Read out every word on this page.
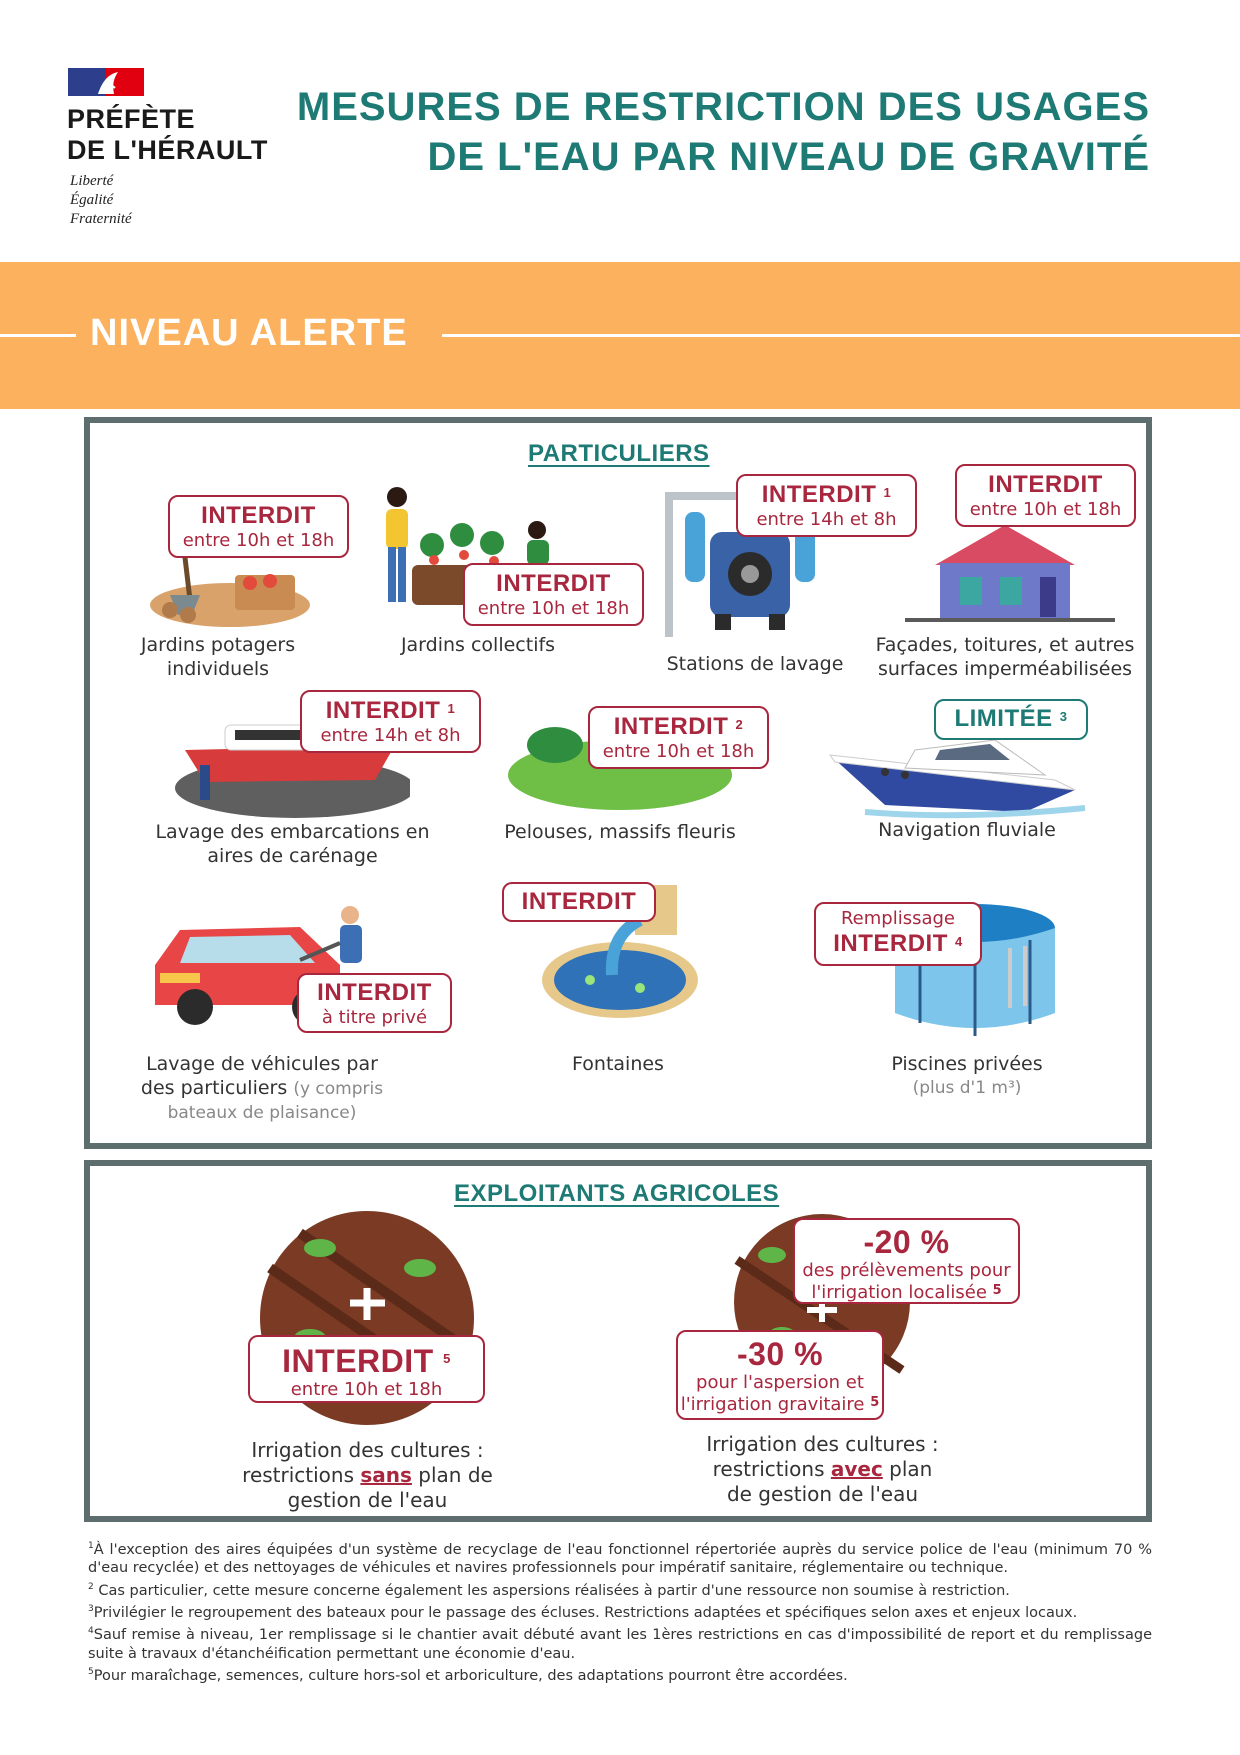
PRÉFÈTE
DE L'HÉRAULT
Liberté
Égalité
Fraternité
MESURES DE RESTRICTION DES USAGES
DE L'EAU PAR NIVEAU DE GRAVITÉ
NIVEAU ALERTE
PARTICULIERS
INTERDIT
entre 10h et 18h
INTERDIT
entre 10h et 18h
INTERDIT $^1$
entre 14h et 8h
INTERDIT
entre 10h et 18h
INTERDIT $^1$
entre 14h et 8h	INTERDIT $^2$
entre 10h et 18h
LIMITÉE $^3$
INTERDIT
à titre privé
INTERDIT
Remplissage
INTERDIT $^4$
Jardins potagers
individuels
Jardins collectifs
Stations de lavage
Façades, toitures, et autres
surfaces imperméabilisées
Lavage des embarcations en
aires de carénage
Pelouses, massifs fleuris	Navigation fluviale
Lavage de véhicules par
des particuliers (y compris
bateaux de plaisance)
Fontaines	Piscines privées
(plus d'1 m³)
EXPLOITANTS AGRICOLES
INTERDIT $^5$
entre 10h et 18h
-20 %
des prélèvements pour
l'irrigation localisée $^5$
-30 %
pour l'aspersion et
l'irrigation gravitaire $^5$
Irrigation des cultures :
restrictions sans plan de
gestion de l'eau
Irrigation des cultures :
restrictions avec plan
de gestion de l'eau

$^1$À l'exception des aires équipées d'un système de recyclage de l'eau fonctionnel répertoriée auprès du service police de l'eau (minimum 70 % d'eau recyclée) et des nettoyages de véhicules et navires professionnels pour impératif sanitaire, réglementaire ou technique.

$^2$ Cas particulier, cette mesure concerne également les aspersions réalisées à partir d'une ressource non soumise à restriction.

$^3$Privilégier le regroupement des bateaux pour le passage des écluses. Restrictions adaptées et spécifiques selon axes et enjeux locaux.

$^4$Sauf remise à niveau, 1er remplissage si le chantier avait débuté avant les 1ères restrictions en cas d'impossibilité de report et du remplissage suite à travaux d'étanchéification permettant une économie d'eau.

$^5$Pour maraîchage, semences, culture hors-sol et arboriculture, des adaptations pourront être accordées.
